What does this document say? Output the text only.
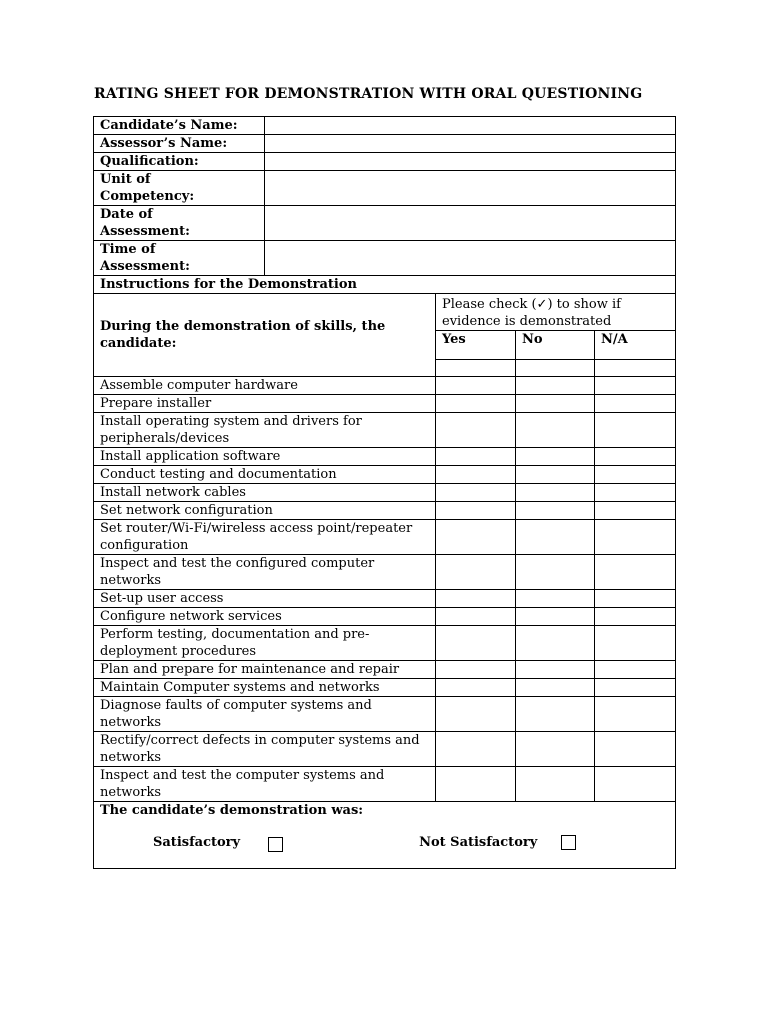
RATING SHEET FOR DEMONSTRATION WITH ORAL QUESTIONING
Candidate’s Name:				
Assessor’s Name:				
Qualification:				

Unit of
Competency:				

Date of
Assessment:				

Time of
Assessment:				

Instructions for the Demonstration				
During the demonstration of skills, the candidate:		Please check (✓) to show if evidence is demonstrated		
		Yes	No	N/A

Assemble computer hardware				
Prepare installer				
Install operating system and drivers for peripherals/devices				
Install application software				
Conduct testing and documentation				
Install network cables				
Set network configuration				
Set router/Wi-Fi/wireless access point/repeater configuration				
Inspect and test the configured computer networks				
Set-up user access				
Configure network services				
Perform testing, documentation and pre-deployment procedures				
Plan and prepare for maintenance and repair				
Maintain Computer systems and networks				
Diagnose faults of computer systems and networks				
Rectify/correct defects in computer systems and networks				
Inspect and test the computer systems and networks				

The candidate’s demonstration was:
Satisfactory Not Satisfactory				
